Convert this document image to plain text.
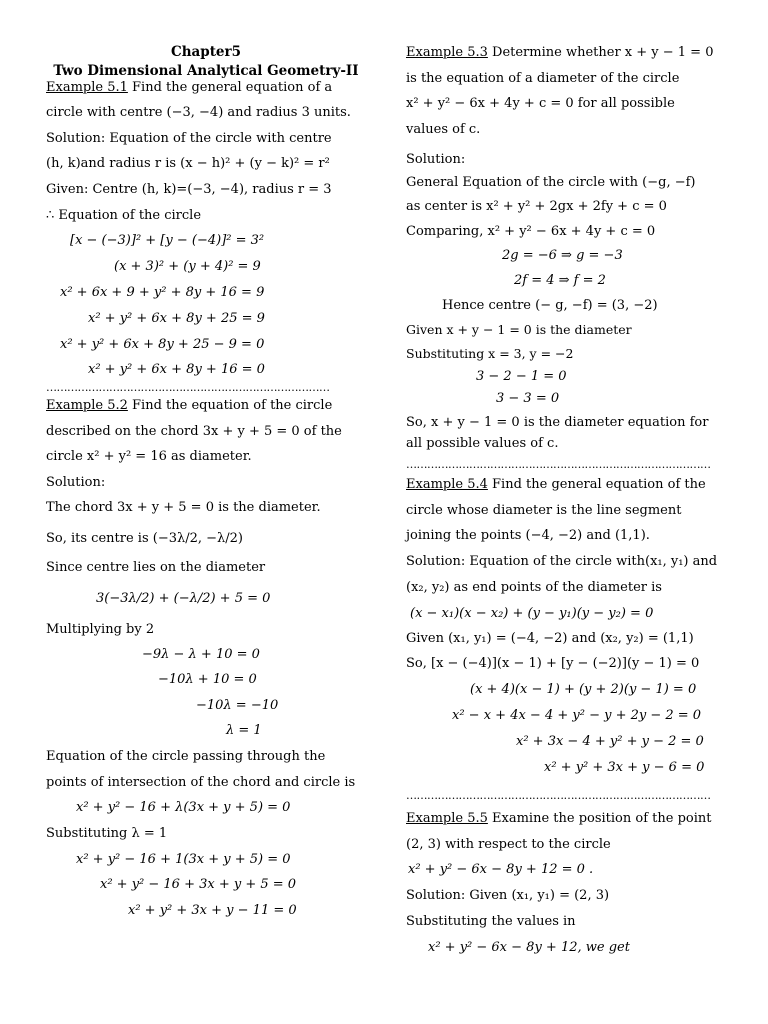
Chapter5
Two Dimensional Analytical Geometry-II
Example 5.1 Find the general equation of a
circle with centre (−3, −4) and radius 3 units.
Solution: Equation of the circle with centre
(h, k)and radius r is (x − h)² + (y − k)² = r²
Given: Centre (h, k)=(−3, −4), radius r = 3
∴ Equation of the circle
[x − (−3)]² + [y − (−4)]² = 3²
(x + 3)² + (y + 4)² = 9
x² + 6x + 9 + y² + 8y + 16 = 9
x² + y² + 6x + 8y + 25 = 9
x² + y² + 6x + 8y + 25 − 9 = 0
x² + y² + 6x + 8y + 16 = 0
………………………………………………………………………
Example 5.2 Find the equation of the circle
described on the chord 3x + y + 5 = 0 of the
circle x² + y² = 16 as diameter.
Solution:
The chord 3x + y + 5 = 0 is the diameter.
So, its centre is (−3λ/2, −λ/2)
Since centre lies on the diameter
3(−3λ/2) + (−λ/2) + 5 = 0
Multiplying by 2
−9λ − λ + 10 = 0
−10λ + 10 = 0
−10λ = −10
λ = 1
Equation of the circle passing through the
points of intersection of the chord and circle is
x² + y² − 16 + λ(3x + y + 5) = 0
Substituting λ = 1
x² + y² − 16 + 1(3x + y + 5) = 0
x² + y² − 16 + 3x + y + 5 = 0
x² + y² + 3x + y − 11 = 0
Example 5.3 Determine whether x + y − 1 = 0
is the equation of a diameter of the circle
x² + y² − 6x + 4y + c = 0 for all possible
values of c.
Solution:
General Equation of the circle with (−g, −f)
as center is x² + y² + 2gx + 2fy + c = 0
Comparing, x² + y² − 6x + 4y + c = 0
2g = −6 ⇒ g = −3
2f = 4 ⇒ f = 2
Hence centre (− g, −f) = (3, −2)
Given x + y − 1 = 0 is the diameter
Substituting x = 3, y = −2
3 − 2 − 1 = 0
3 − 3 = 0
So, x + y − 1 = 0 is the diameter equation for
all possible values of c.
……………………………………………………………………………
Example 5.4 Find the general equation of the
circle whose diameter is the line segment
joining the points (−4, −2) and (1,1).
Solution: Equation of the circle with(x₁, y₁) and
(x₂, y₂) as end points of the diameter is
(x − x₁)(x − x₂) + (y − y₁)(y − y₂) = 0
Given (x₁, y₁) = (−4, −2) and (x₂, y₂) = (1,1)
So, [x − (−4)](x − 1) + [y − (−2)](y − 1) = 0
(x + 4)(x − 1) + (y + 2)(y − 1) = 0
x² − x + 4x − 4 + y² − y + 2y − 2 = 0
x² + 3x − 4 + y² + y − 2 = 0
x² + y² + 3x + y − 6 = 0
……………………………………………………………………………
Example 5.5 Examine the position of the point
(2, 3) with respect to the circle
x² + y² − 6x − 8y + 12 = 0 .
Solution: Given (x₁, y₁) = (2, 3)
Substituting the values in
x² + y² − 6x − 8y + 12, we get
